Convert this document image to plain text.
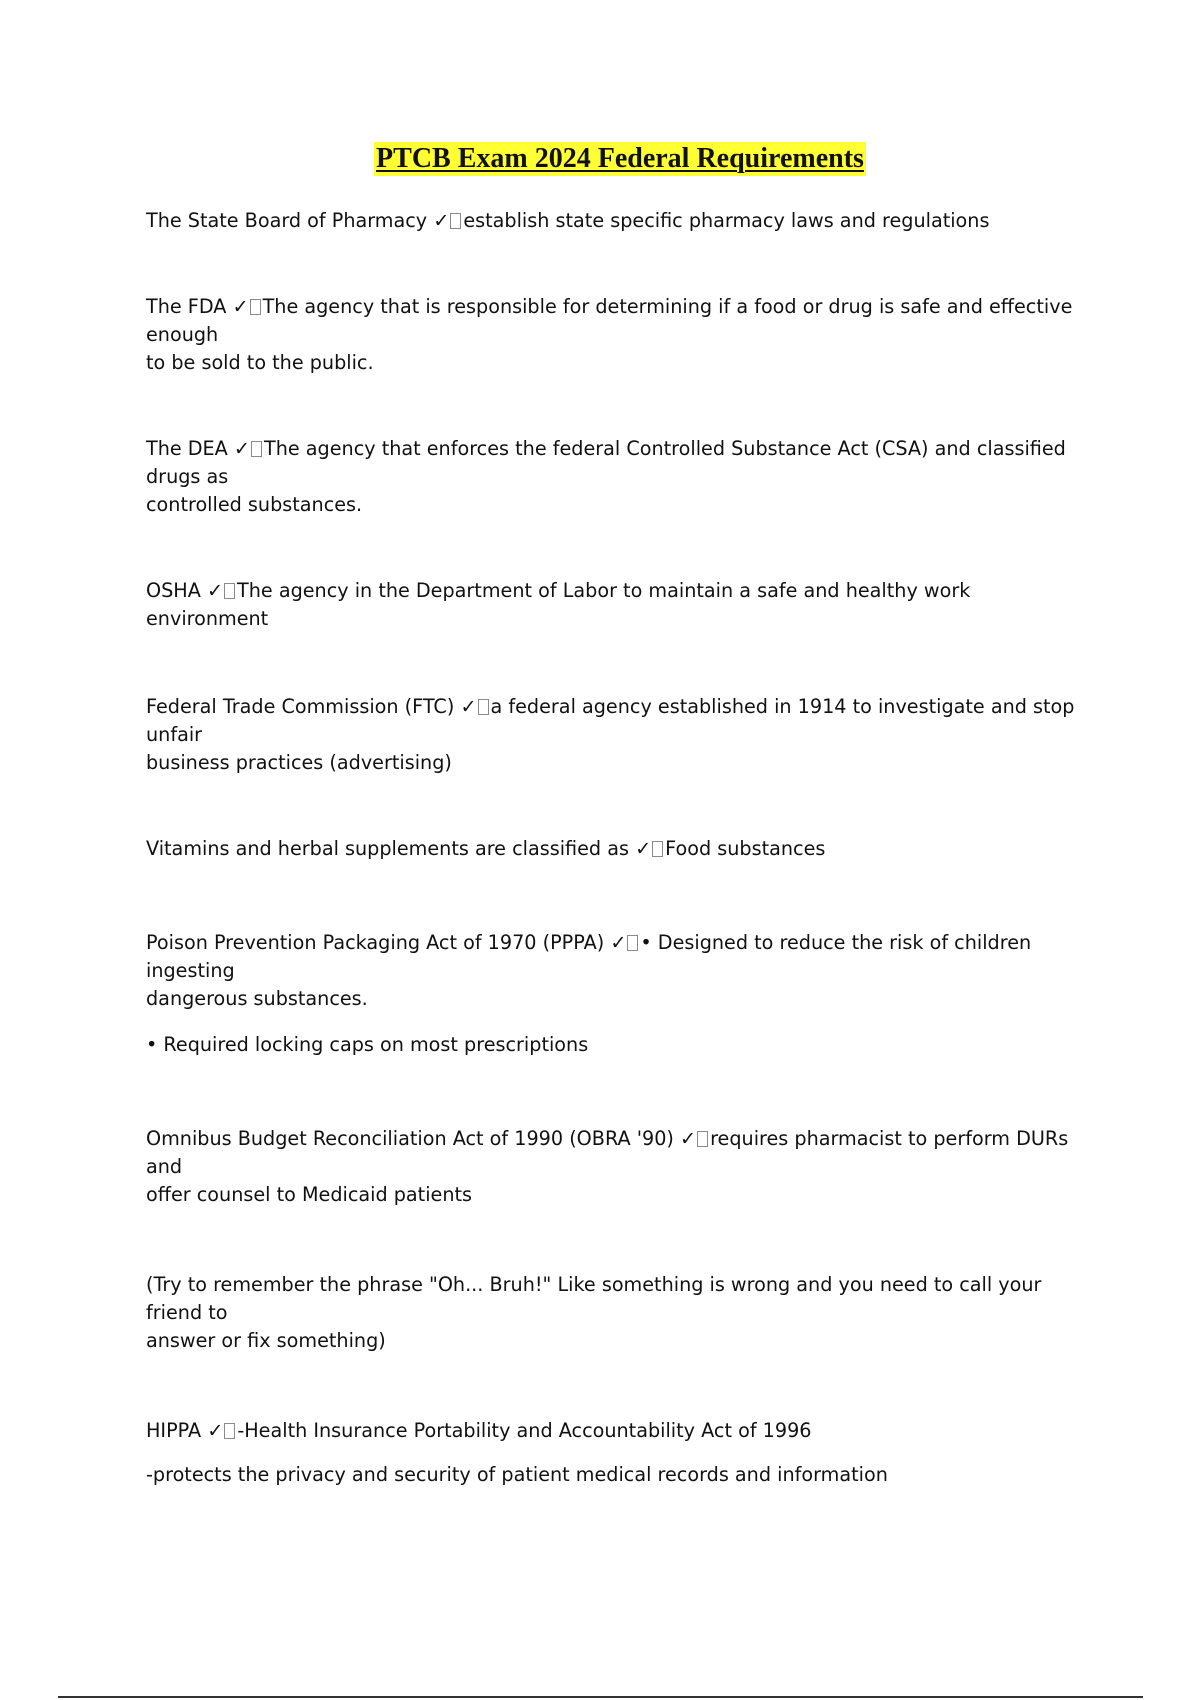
PTCB Exam 2024 Federal Requirements

The State Board of Pharmacy ✓ establish state specific pharmacy laws and regulations

The FDA ✓ The agency that is responsible for determining if a food or drug is safe and effective enough
to be sold to the public.

The DEA ✓ The agency that enforces the federal Controlled Substance Act (CSA) and classified drugs as
controlled substances.

OSHA ✓ The agency in the Department of Labor to maintain a safe and healthy work environment

Federal Trade Commission (FTC) ✓ a federal agency established in 1914 to investigate and stop unfair
business practices (advertising)

Vitamins and herbal supplements are classified as ✓ Food substances

Poison Prevention Packaging Act of 1970 (PPPA) ✓ • Designed to reduce the risk of children ingesting
dangerous substances.

• Required locking caps on most prescriptions

Omnibus Budget Reconciliation Act of 1990 (OBRA '90) ✓ requires pharmacist to perform DURs and
offer counsel to Medicaid patients

(Try to remember the phrase "Oh... Bruh!" Like something is wrong and you need to call your friend to
answer or fix something)

HIPPA ✓ -Health Insurance Portability and Accountability Act of 1996

-protects the privacy and security of patient medical records and information
